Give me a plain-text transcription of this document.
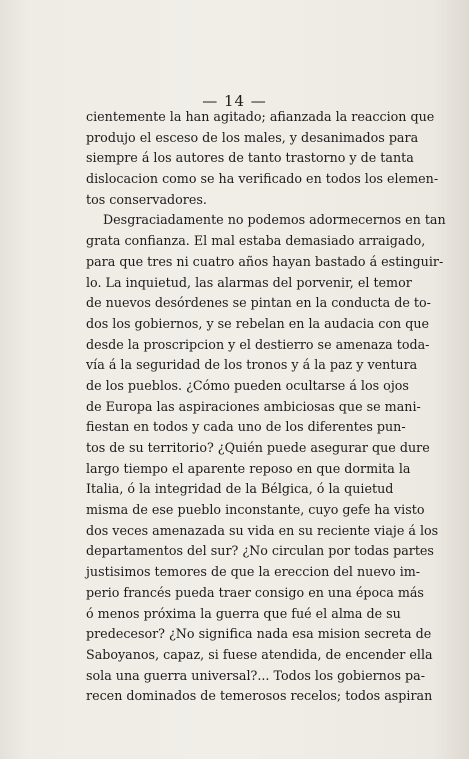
— 14 —
cientemente la han agitado; afianzada la reaccion que
produjo el esceso de los males, y desanimados para
siempre á los autores de tanto trastorno y de tanta
dislocacion como se ha verificado en todos los elemen-
tos conservadores.
Desgraciadamente no podemos adormecernos en tan
grata confianza. El mal estaba demasiado arraigado,
para que tres ni cuatro años hayan bastado á estinguir-
lo. La inquietud, las alarmas del porvenir, el temor
de nuevos desórdenes se pintan en la conducta de to-
dos los gobiernos, y se rebelan en la audacia con que
desde la proscripcion y el destierro se amenaza toda-
vía á la seguridad de los tronos y á la paz y ventura
de los pueblos. ¿Cómo pueden ocultarse á los ojos
de Europa las aspiraciones ambiciosas que se mani-
fiestan en todos y cada uno de los diferentes pun-
tos de su territorio? ¿Quién puede asegurar que dure
largo tiempo el aparente reposo en que dormita la
Italia, ó la integridad de la Bélgica, ó la quietud
misma de ese pueblo inconstante, cuyo gefe ha visto
dos veces amenazada su vida en su reciente viaje á los
departamentos del sur? ¿No circulan por todas partes
justisimos temores de que la ereccion del nuevo im-
perio francés pueda traer consigo en una época más
ó menos próxima la guerra que fué el alma de su
predecesor? ¿No significa nada esa mision secreta de
Saboyanos, capaz, si fuese atendida, de encender ella
sola una guerra universal?... Todos los gobiernos pa-
recen dominados de temerosos recelos; todos aspiran
